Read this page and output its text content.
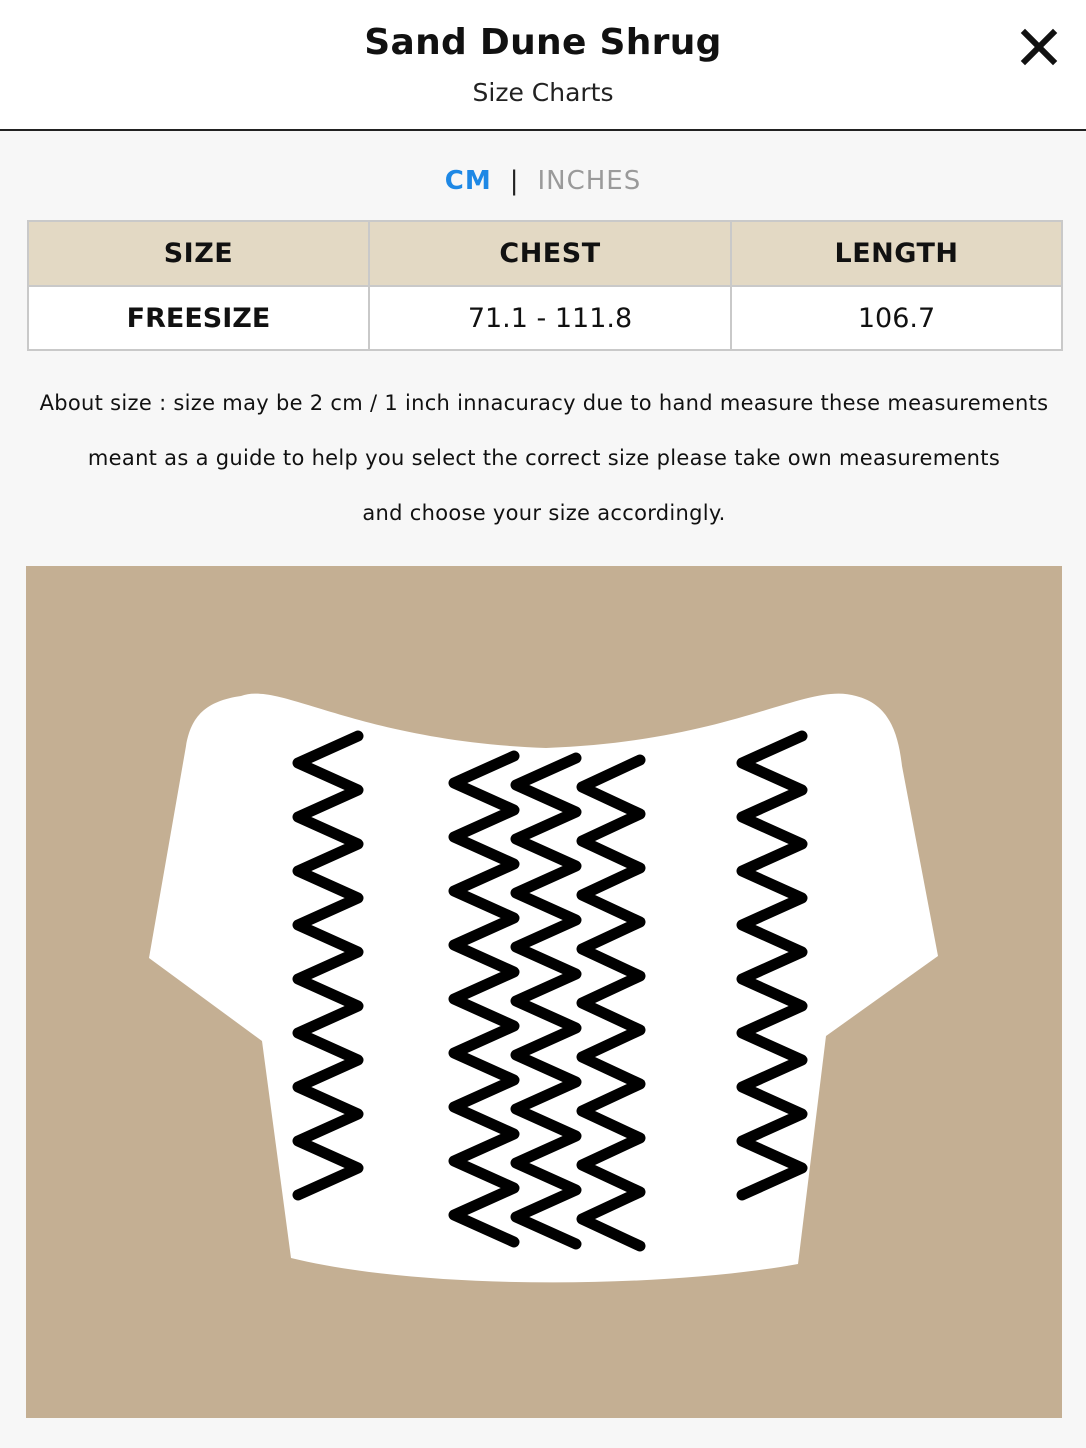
Sand Dune Shrug
Size Charts
CM | INCHES
SIZE	CHEST	LENGTH
FREESIZE	71.1 - 111.8	106.7
About size : size may be 2 cm / 1 inch innacuracy due to hand measure these measurements
meant as a guide to help you select the correct size please take own measurements
and choose your size accordingly.
